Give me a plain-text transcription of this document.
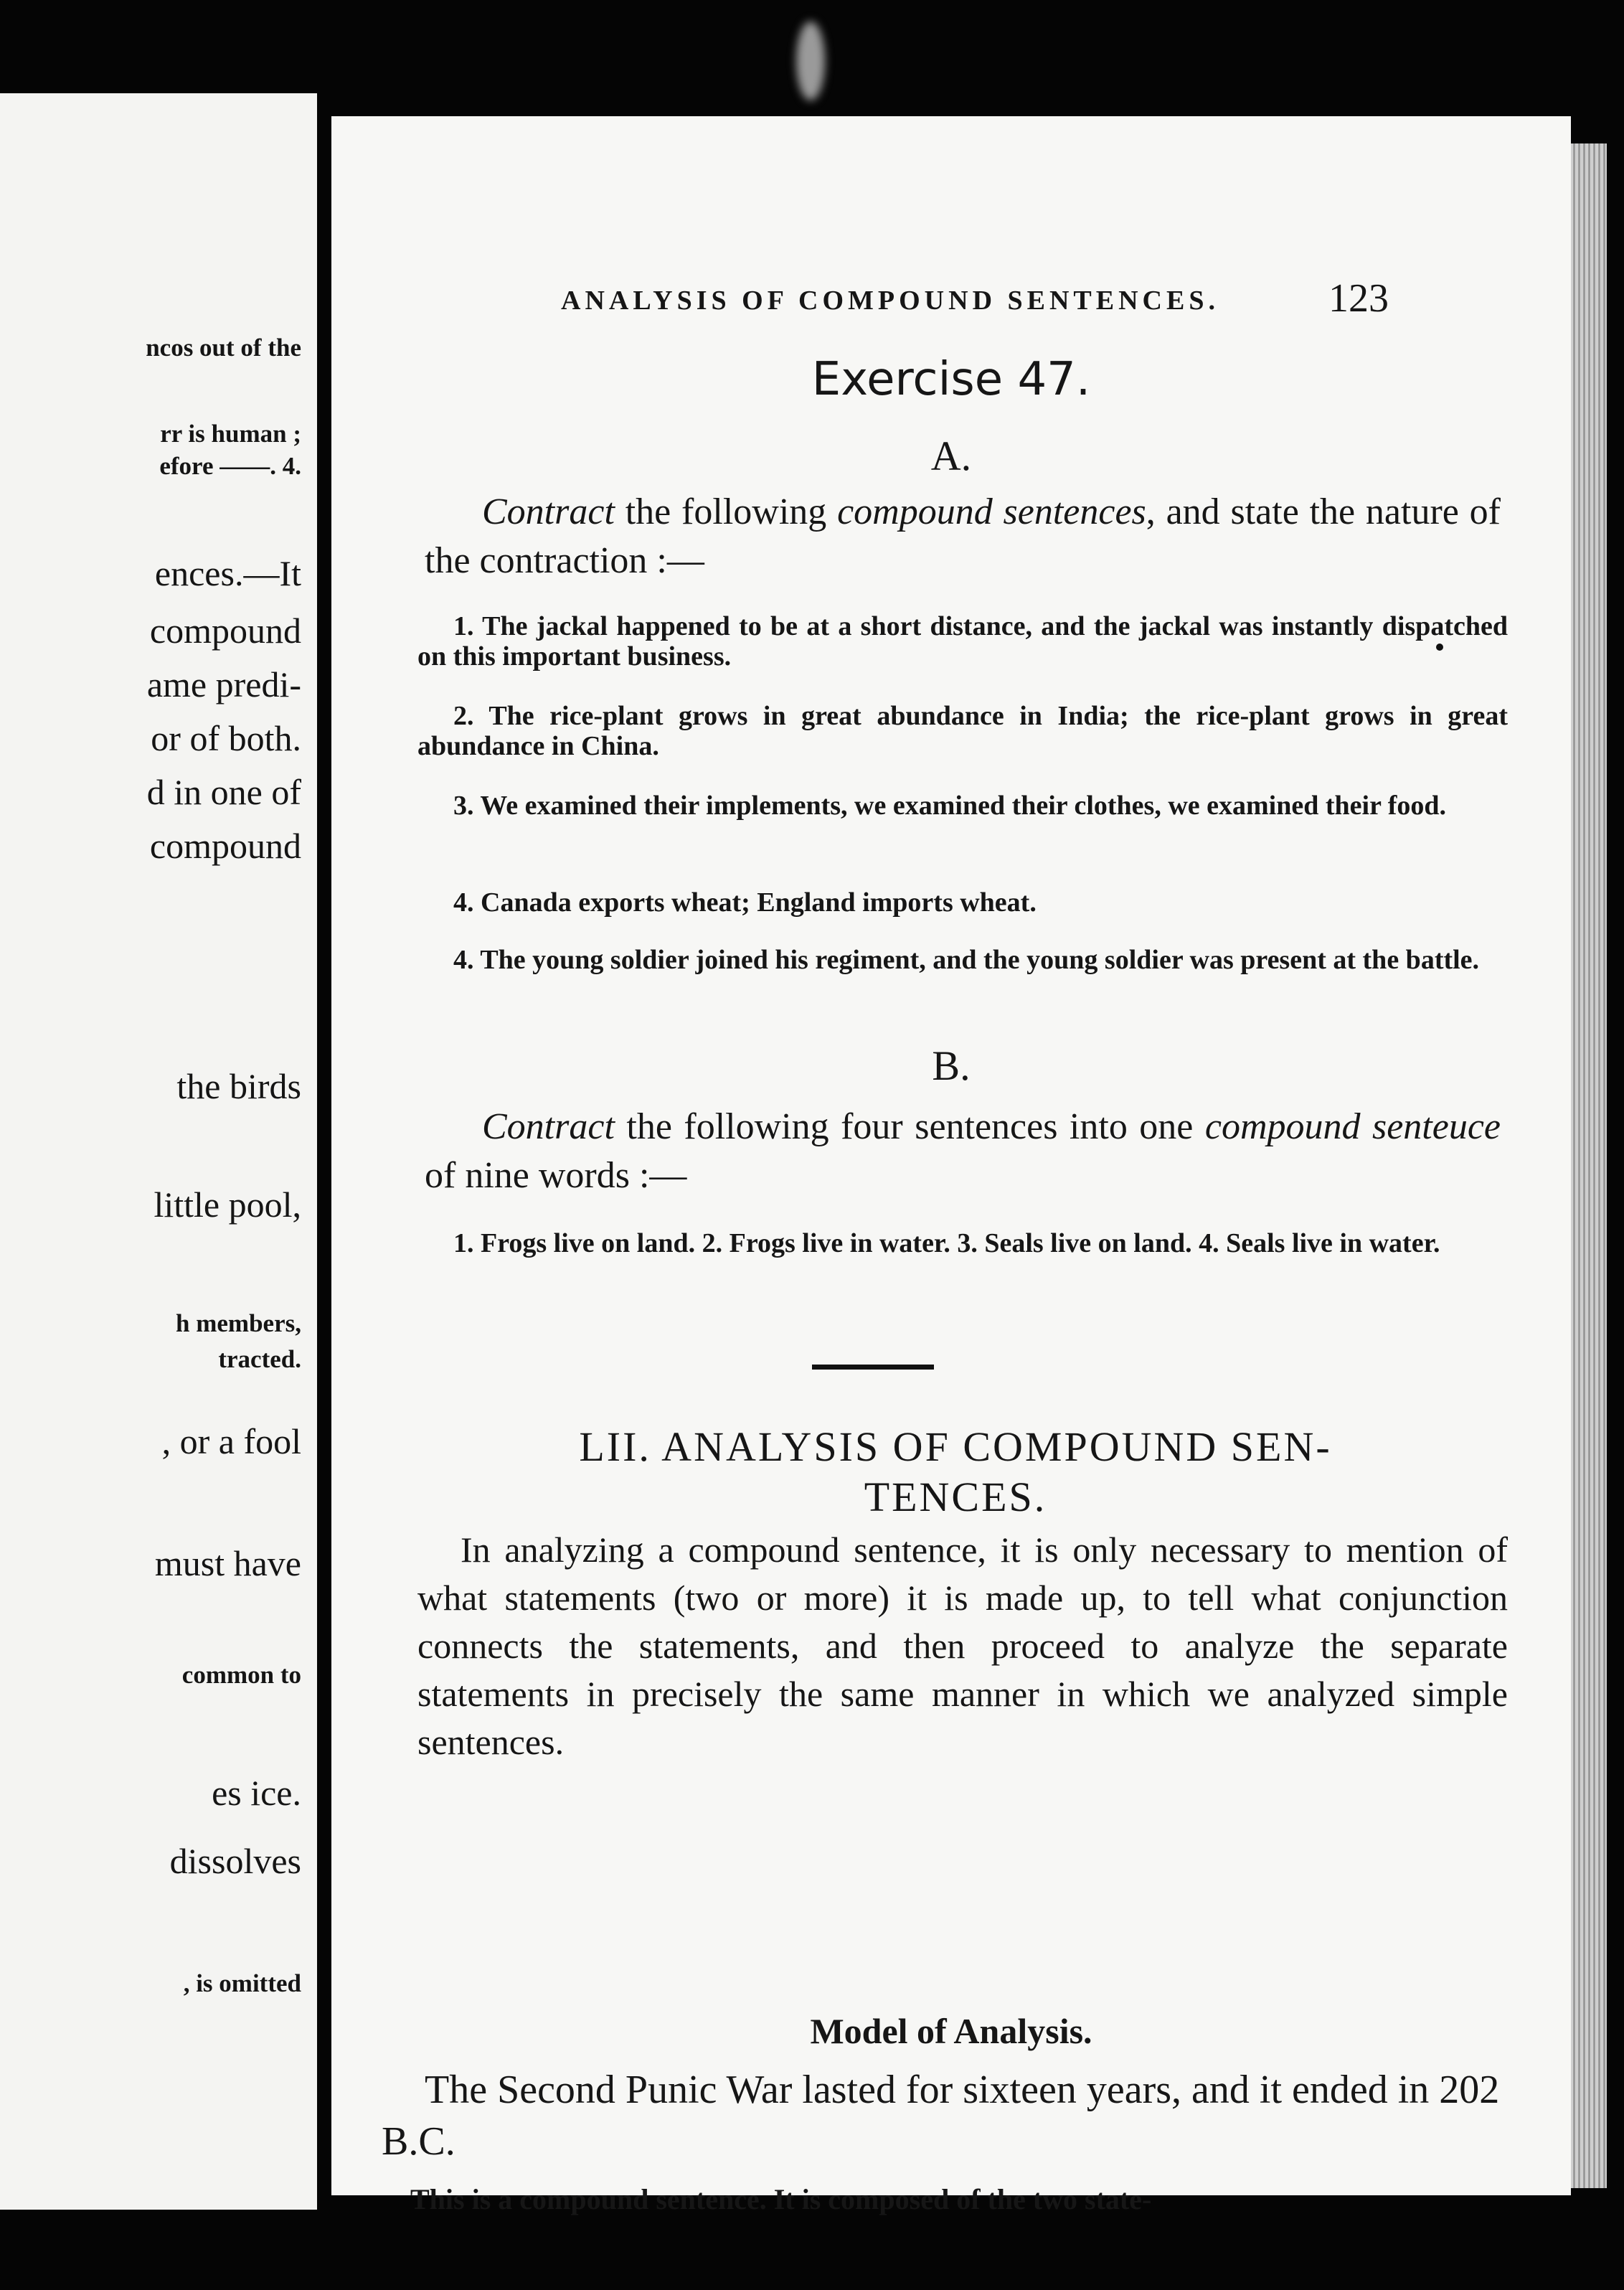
ncos out of the
rr is human ;
efore ——. 4.
ences.—It
compound
ame predi-
or of both.
d in one of
compound
the birds
little pool,
h members,
tracted.
, or a fool
must have
common to
es ice.
dissolves
, is omitted
ANALYSIS OF COMPOUND SENTENCES.	123
Exercise 47.
A.
Contract the following compound sentences, and state the nature of the contraction :—
1. The jackal happened to be at a short distance, and the jackal was instantly dispatched on this important business.
2. The rice-plant grows in great abundance in India; the rice-plant grows in great abundance in China.
3. We examined their implements, we examined their clothes, we examined their food.
4. Canada exports wheat; England imports wheat.
4. The young soldier joined his regiment, and the young soldier was present at the battle.
B.
Contract the following four sentences into one compound senteuce of nine words :—
1. Frogs live on land. 2. Frogs live in water. 3. Seals live on land. 4. Seals live in water.
LII. ANALYSIS OF COMPOUND SEN-
TENCES.
In analyzing a compound sentence, it is only necessary to mention of what statements (two or more) it is made up, to tell what conjunction connects the statements, and then proceed to analyze the separate statements in precisely the same manner in which we analyzed simple sentences.
Model of Analysis.
The Second Punic War lasted for sixteen years, and it ended in 202 B.C.
This is a compound sentence. It is composed of the two state-
